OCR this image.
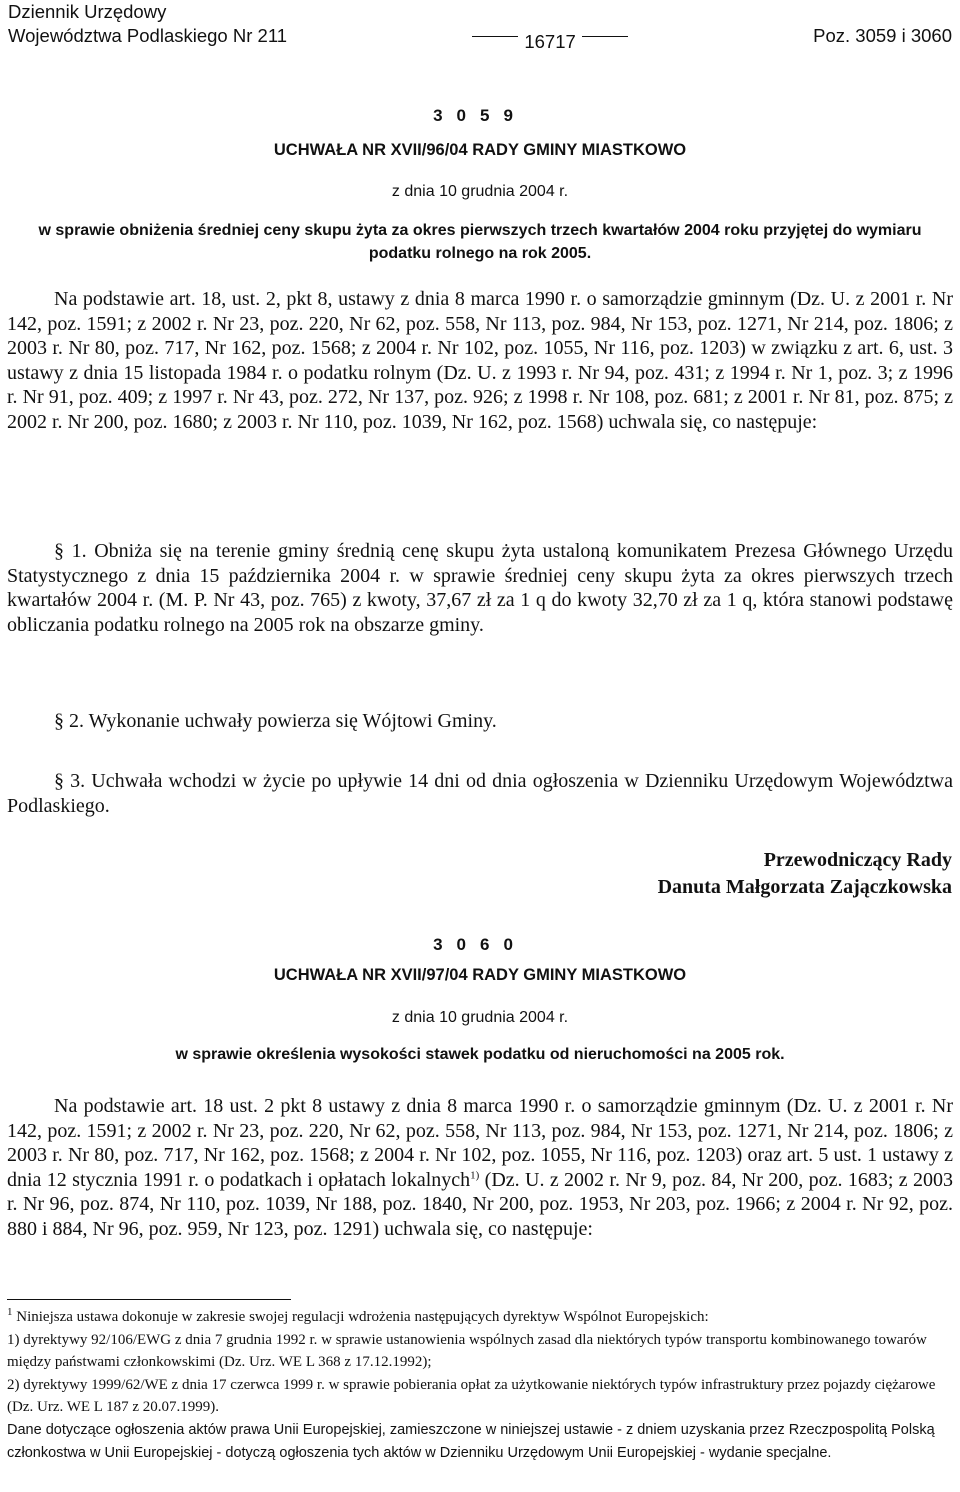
Dziennik Urzędowy
Województwa Podlaskiego Nr 211	16717	Poz. 3059 i 3060
3059
UCHWAŁA NR XVII/96/04 RADY GMINY MIASTKOWO
z dnia 10 grudnia 2004 r.
w sprawie obniżenia średniej ceny skupu żyta za okres pierwszych trzech kwartałów 2004 roku przyjętej do wymiaru podatku rolnego na rok 2005.

Na podstawie art. 18, ust. 2, pkt 8, ustawy z dnia 8 marca 1990 r. o samorządzie gminnym (Dz. U. z 2001 r. Nr 142, poz. 1591; z 2002 r. Nr 23, poz. 220, Nr 62, poz. 558, Nr 113, poz. 984, Nr 153, poz. 1271, Nr 214, poz. 1806; z 2003 r. Nr 80, poz. 717, Nr 162, poz. 1568; z 2004 r. Nr 102, poz. 1055, Nr 116, poz. 1203) w związku z art. 6, ust. 3 ustawy z dnia 15 listopada 1984 r. o podatku rolnym (Dz. U. z 1993 r. Nr 94, poz. 431; z 1994 r. Nr 1, poz. 3; z 1996 r. Nr 91, poz. 409; z 1997 r. Nr 43, poz. 272, Nr 137, poz. 926; z 1998 r. Nr 108, poz. 681; z 2001 r. Nr 81, poz. 875; z 2002 r. Nr 200, poz. 1680; z 2003 r. Nr 110, poz. 1039, Nr 162, poz. 1568) uchwala się, co następuje:

§ 1. Obniża się na terenie gminy średnią cenę skupu żyta ustaloną komunikatem Prezesa Głównego Urzędu Statystycznego z dnia 15 października 2004 r. w sprawie średniej ceny skupu żyta za okres pierwszych trzech kwartałów 2004 r. (M. P. Nr 43, poz. 765) z kwoty, 37,67 zł za 1 q do kwoty 32,70 zł za 1 q, która stanowi podstawę obliczania podatku rolnego na 2005 rok na obszarze gminy.

§ 2. Wykonanie uchwały powierza się Wójtowi Gminy.

§ 3. Uchwała wchodzi w życie po upływie 14 dni od dnia ogłoszenia w Dzienniku Urzędowym Województwa Podlaskiego.

Przewodniczący Rady
Danuta Małgorzata Zajączkowska
3060
UCHWAŁA NR XVII/97/04 RADY GMINY MIASTKOWO
z dnia 10 grudnia 2004 r.
w sprawie określenia wysokości stawek podatku od nieruchomości na 2005 rok.

Na podstawie art. 18 ust. 2 pkt 8 ustawy z dnia 8 marca 1990 r. o samorządzie gminnym (Dz. U. z 2001 r. Nr 142, poz. 1591; z 2002 r. Nr 23, poz. 220, Nr 62, poz. 558, Nr 113, poz. 984, Nr 153, poz. 1271, Nr 214, poz. 1806; z 2003 r. Nr 80, poz. 717, Nr 162, poz. 1568; z 2004 r. Nr 102, poz. 1055, Nr 116, poz. 1203) oraz art. 5 ust. 1 ustawy z dnia 12 stycznia 1991 r. o podatkach i opłatach lokalnych$^{1)}$ (Dz. U. z 2002 r. Nr 9, poz. 84, Nr 200, poz. 1683; z 2003 r. Nr 96, poz. 874, Nr 110, poz. 1039, Nr 188, poz. 1840, Nr 200, poz. 1953, Nr 203, poz. 1966; z 2004 r. Nr 92, poz. 880 i 884, Nr 96, poz. 959, Nr 123, poz. 1291) uchwala się, co następuje:

$^1$ Niniejsza ustawa dokonuje w zakresie swojej regulacji wdrożenia następujących dyrektyw Wspólnot Europejskich:

1) dyrektywy 92/106/EWG z dnia 7 grudnia 1992 r. w sprawie ustanowienia wspólnych zasad dla niektórych typów transportu kombinowanego towarów między państwami członkowskimi (Dz. Urz. WE L 368 z 17.12.1992);

2) dyrektywy 1999/62/WE z dnia 17 czerwca 1999 r. w sprawie pobierania opłat za użytkowanie niektórych typów infrastruktury przez pojazdy ciężarowe (Dz. Urz. WE L 187 z 20.07.1999).

Dane dotyczące ogłoszenia aktów prawa Unii Europejskiej, zamieszczone w niniejszej ustawie - z dniem uzyskania przez Rzeczpospolitą Polską członkostwa w Unii Europejskiej - dotyczą ogłoszenia tych aktów w Dzienniku Urzędowym Unii Europejskiej - wydanie specjalne.
